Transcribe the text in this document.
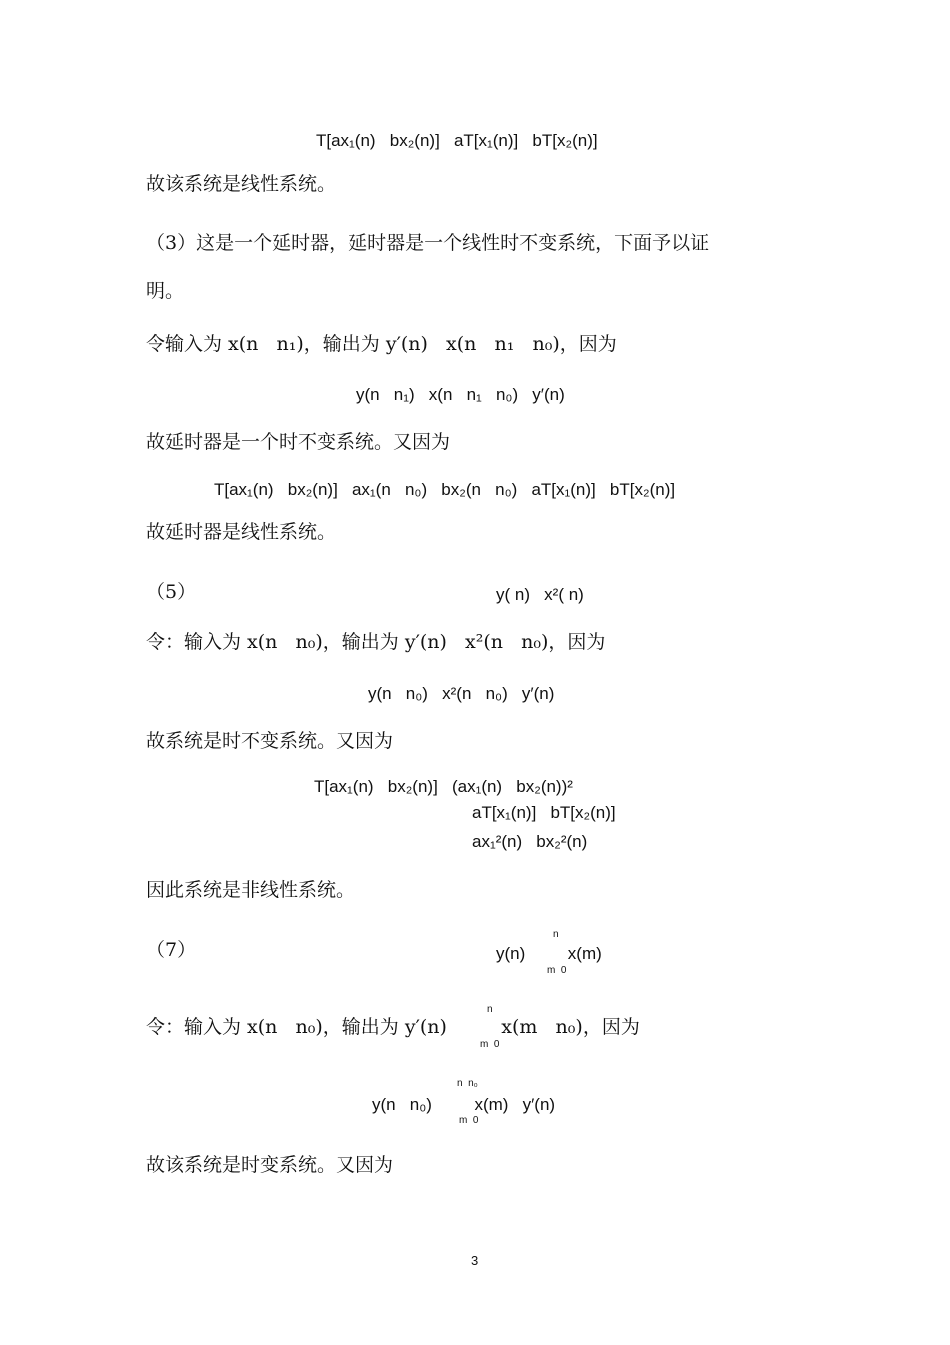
T[ax₁(n)   bx₂(n)]   aT[x₁(n)]   bT[x₂(n)]
故该系统是线性系统。
（3）这是一个延时器，延时器是一个线性时不变系统，下面予以证
明。
令输入为 x(n   n₁)，输出为 y′(n)   x(n   n₁   n₀)，因为
y(n   n₁)   x(n   n₁   n₀)   y′(n)
故延时器是一个时不变系统。又因为
T[ax₁(n)   bx₂(n)]   ax₁(n   n₀)   bx₂(n   n₀)   aT[x₁(n)]   bT[x₂(n)]
故延时器是线性系统。
（5）	y( n)   x²( n)
令：输入为 x(n   n₀)，输出为 y′(n)   x²(n   n₀)，因为
y(n   n₀)   x²(n   n₀)   y′(n)
故系统是时不变系统。又因为
T[ax₁(n)   bx₂(n)]   (ax₁(n)   bx₂(n))²
aT[x₁(n)]   bT[x₂(n)]
ax₁²(n)   bx₂²(n)
因此系统是非线性系统。
（7）
n
y(n)         x(m)
m  0
n
令：输入为 x(n   n₀)，输出为 y′(n)         x(m   n₀)，因为
m  0
n  n₀
y(n   n₀)         x(m)   y′(n)
m  0
故该系统是时变系统。又因为
3
